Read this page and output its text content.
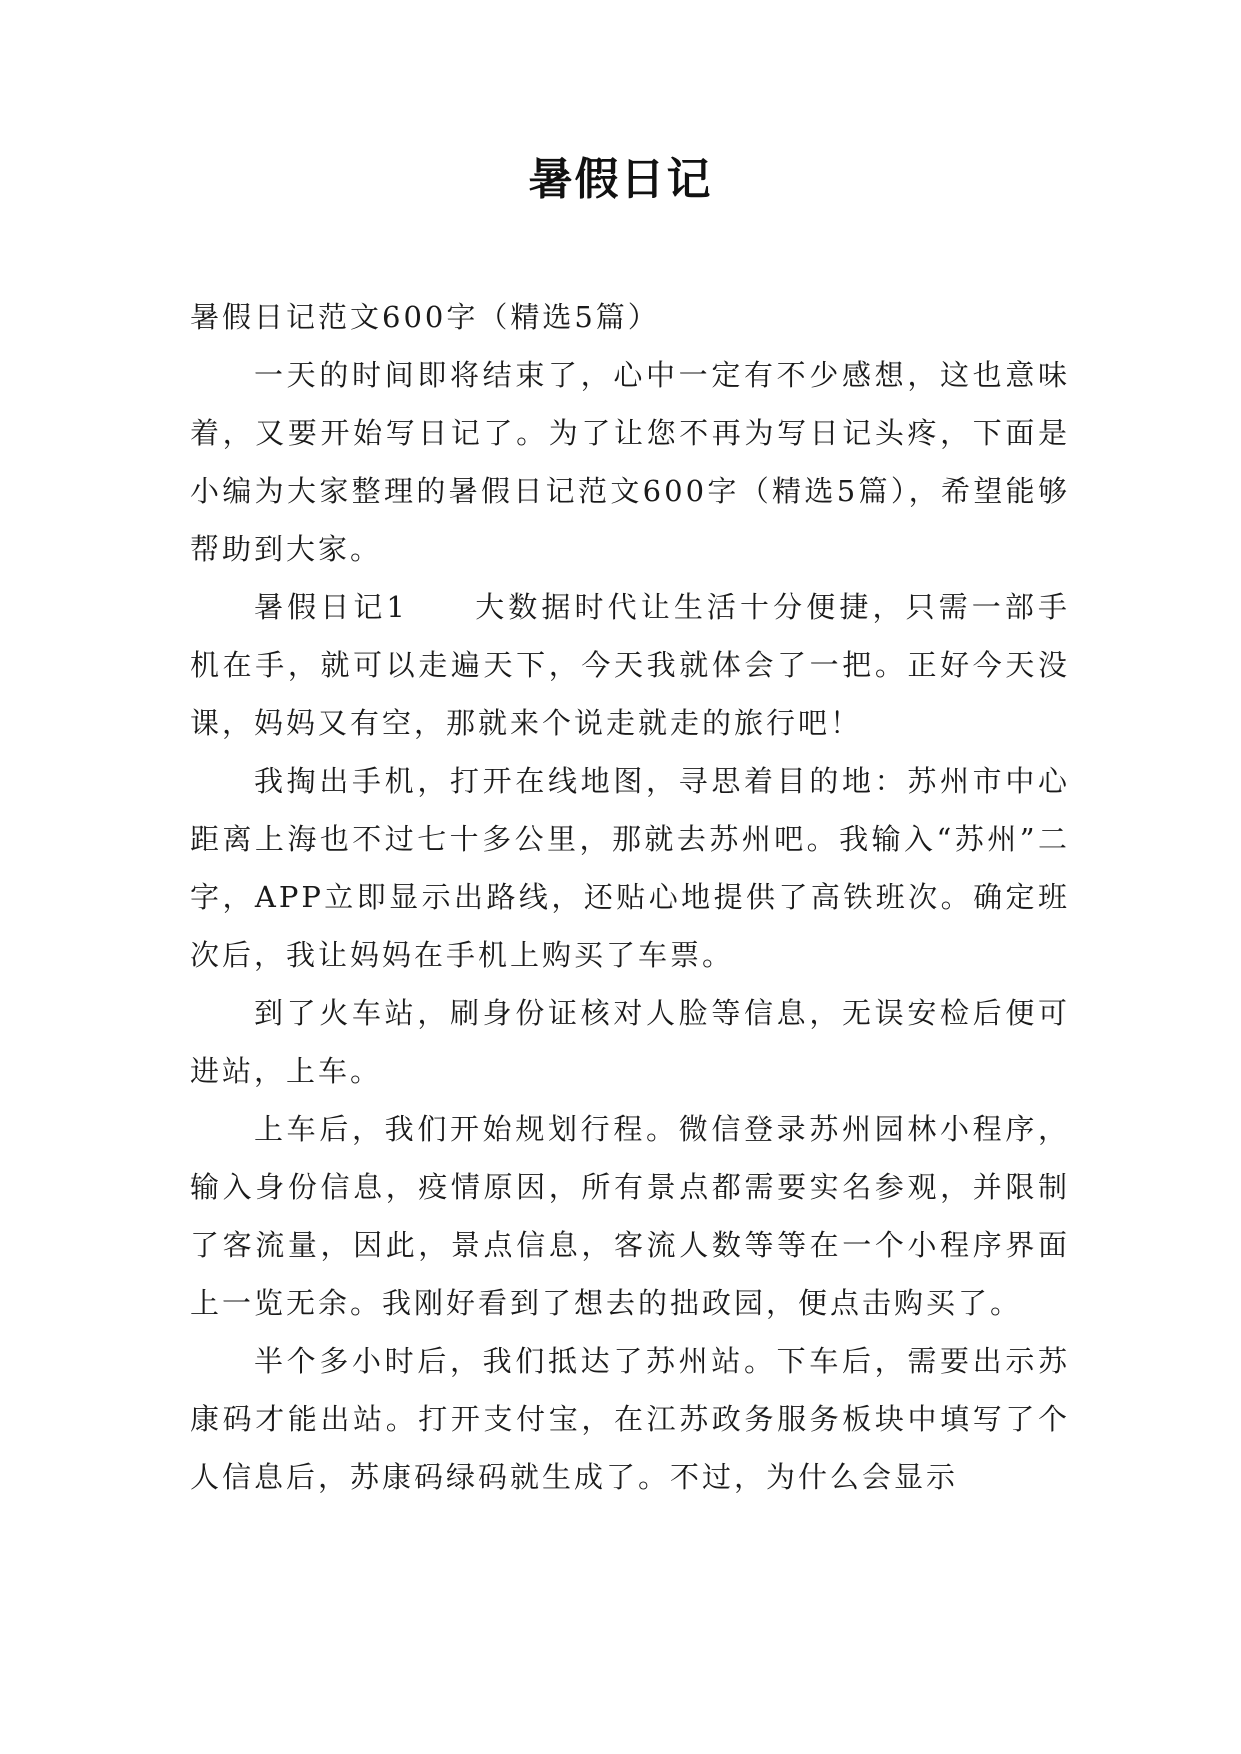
暑假日记

暑假日记范文600字（精选5篇）

一天的时间即将结束了，心中一定有不少感想，这也意味着，又要开始写日记了。为了让您不再为写日记头疼，下面是小编为大家整理的暑假日记范文600字（精选5篇），希望能够帮助到大家。

暑假日记1　　大数据时代让生活十分便捷，只需一部手机在手，就可以走遍天下，今天我就体会了一把。正好今天没课，妈妈又有空，那就来个说走就走的旅行吧！

我掏出手机，打开在线地图，寻思着目的地：苏州市中心距离上海也不过七十多公里，那就去苏州吧。我输入“苏州”二字，APP立即显示出路线，还贴心地提供了高铁班次。确定班次后，我让妈妈在手机上购买了车票。

到了火车站，刷身份证核对人脸等信息，无误安检后便可进站，上车。

上车后，我们开始规划行程。微信登录苏州园林小程序，输入身份信息，疫情原因，所有景点都需要实名参观，并限制了客流量，因此，景点信息，客流人数等等在一个小程序界面上一览无余。我刚好看到了想去的拙政园，便点击购买了。

半个多小时后，我们抵达了苏州站。下车后，需要出示苏康码才能出站。打开支付宝，在江苏政务服务板块中填写了个人信息后，苏康码绿码就生成了。不过，为什么会显示
